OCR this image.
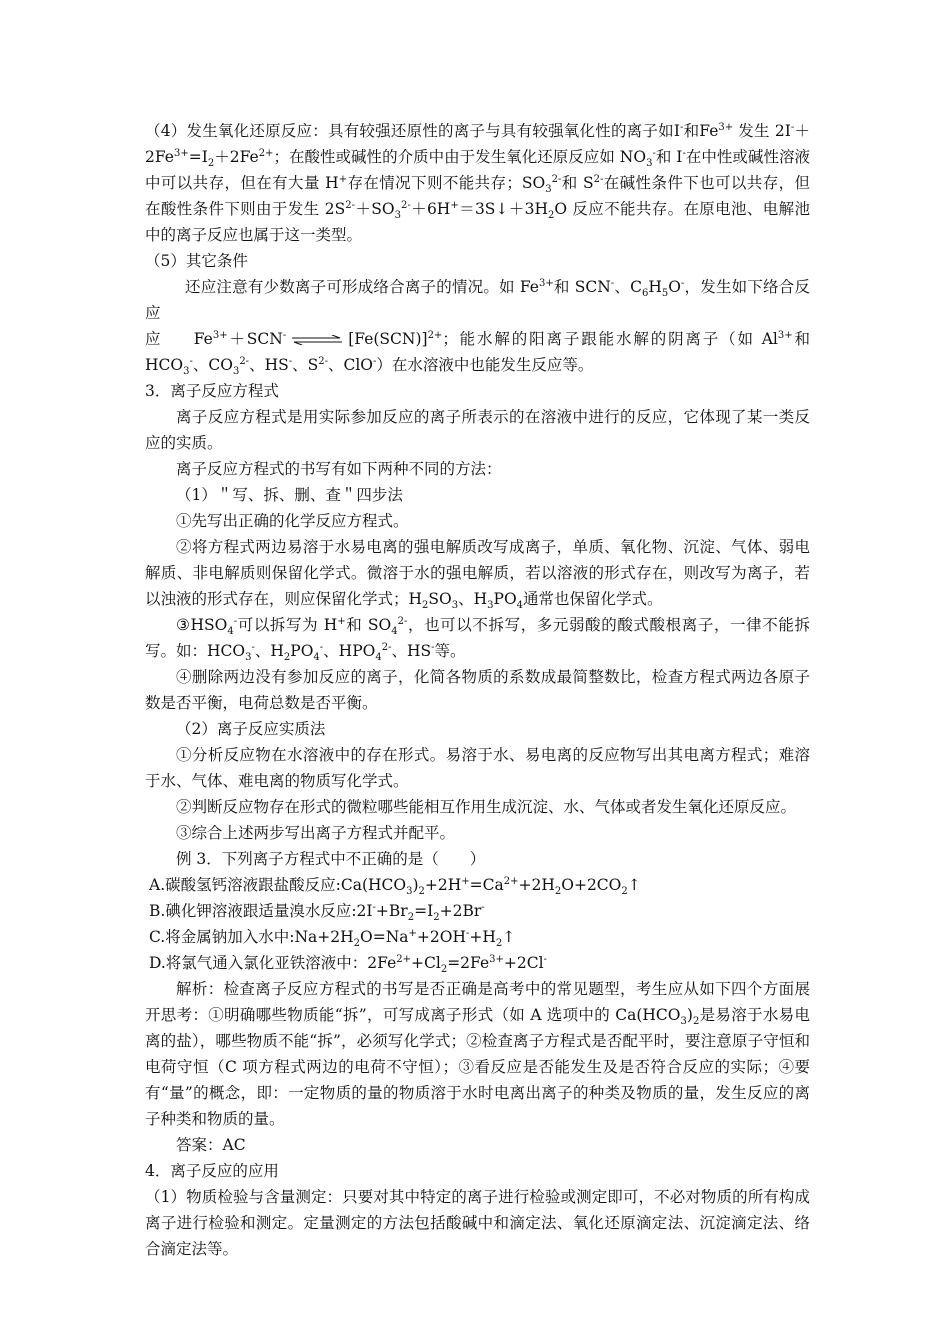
（4）发生氧化还原反应：具有较强还原性的离子与具有较强氧化性的离子如I-和$Fe^{3+}$ 发生 $2I^-+2Fe^{3+}=I_2+2Fe^{2+}$；在酸性或碱性的介质中由于发生氧化还原反应如 $NO_3^-$和 I-在中性或碱性溶液中可以共存，但在有大量 H+存在情况下则不能共存；$SO_3^{2-}$和 $S^{2-}$在碱性条件下也可以共存，但在酸性条件下则由于发生 $2S^{2-}+SO_3^{2-}+6H^+=3S↓+3H_2O$ 反应不能共存。在原电池、电解池中的离子反应也属于这一类型。

（5）其它条件

还应注意有少数离子可形成络合离子的情况。如 $Fe^{3+}$和 SCN-、$C_6H_5O^-$，发生如下络合反应

应　$Fe^{3+}+SCN^-$ ⇌ $[Fe(SCN)]^{2+}$；能水解的阳离子跟能水解的阴离子（如 $Al^{3+}$和 $HCO_3^-$、$CO_3^{2-}$、HS-、$S^{2-}$、ClO-）在水溶液中也能发生反应等。

3．离子反应方程式

离子反应方程式是用实际参加反应的离子所表示的在溶液中进行的反应，它体现了某一类反应的实质。

离子反应方程式的书写有如下两种不同的方法：

（1）＂写、拆、删、查＂四步法

①先写出正确的化学反应方程式。

②将方程式两边易溶于水易电离的强电解质改写成离子，单质、氧化物、沉淀、气体、弱电解质、非电解质则保留化学式。微溶于水的强电解质，若以溶液的形式存在，则改写为离子，若以浊液的形式存在，则应保留化学式；$H_2SO_3$、$H_3PO_4$通常也保留化学式。

$③HSO_4^-$可以拆写为 H+和 $SO_4^{2-}$，也可以不拆写，多元弱酸的酸式酸根离子，一律不能拆写。如：$HCO_3^-$、$H_2PO_4^-$、$HPO_4^{2-}$、HS-等。

④删除两边没有参加反应的离子，化简各物质的系数成最简整数比，检查方程式两边各原子数是否平衡，电荷总数是否平衡。

（2）离子反应实质法

①分析反应物在水溶液中的存在形式。易溶于水、易电离的反应物写出其电离方程式；难溶于水、气体、难电离的物质写化学式。

②判断反应物存在形式的微粒哪些能相互作用生成沉淀、水、气体或者发生氧化还原反应。

③综合上述两步写出离子方程式并配平。

例 3．下列离子方程式中不正确的是（　　）

A.碳酸氢钙溶液跟盐酸反应$:Ca(HCO_3)_2+2H^+=Ca^{2+}+2H_2O+2CO_2↑$

B.碘化钾溶液跟适量溴水反应$:2I^-+Br_2=I_2+2Br^-$

C.将金属钠加入水中$:Na+2H_2O=Na^++2OH^-+H_2↑$

D.将氯气通入氯化亚铁溶液中：$2Fe^{2+}+Cl_2=2Fe^{3+}+2Cl^-$

解析：检查离子反应方程式的书写是否正确是高考中的常见题型，考生应从如下四个方面展开思考：①明确哪些物质能“拆”，可写成离子形式（如 A 选项中的 $Ca(HCO_3)_2$是易溶于水易电离的盐），哪些物质不能“拆”，必须写化学式；②检查离子方程式是否配平时，要注意原子守恒和电荷守恒（C 项方程式两边的电荷不守恒）；③看反应是否能发生及是否符合反应的实际；④要有“量”的概念，即：一定物质的量的物质溶于水时电离出离子的种类及物质的量，发生反应的离子种类和物质的量。

答案：AC

4．离子反应的应用

（1）物质检验与含量测定：只要对其中特定的离子进行检验或测定即可，不必对物质的所有构成离子进行检验和测定。定量测定的方法包括酸碱中和滴定法、氧化还原滴定法、沉淀滴定法、络合滴定法等。
